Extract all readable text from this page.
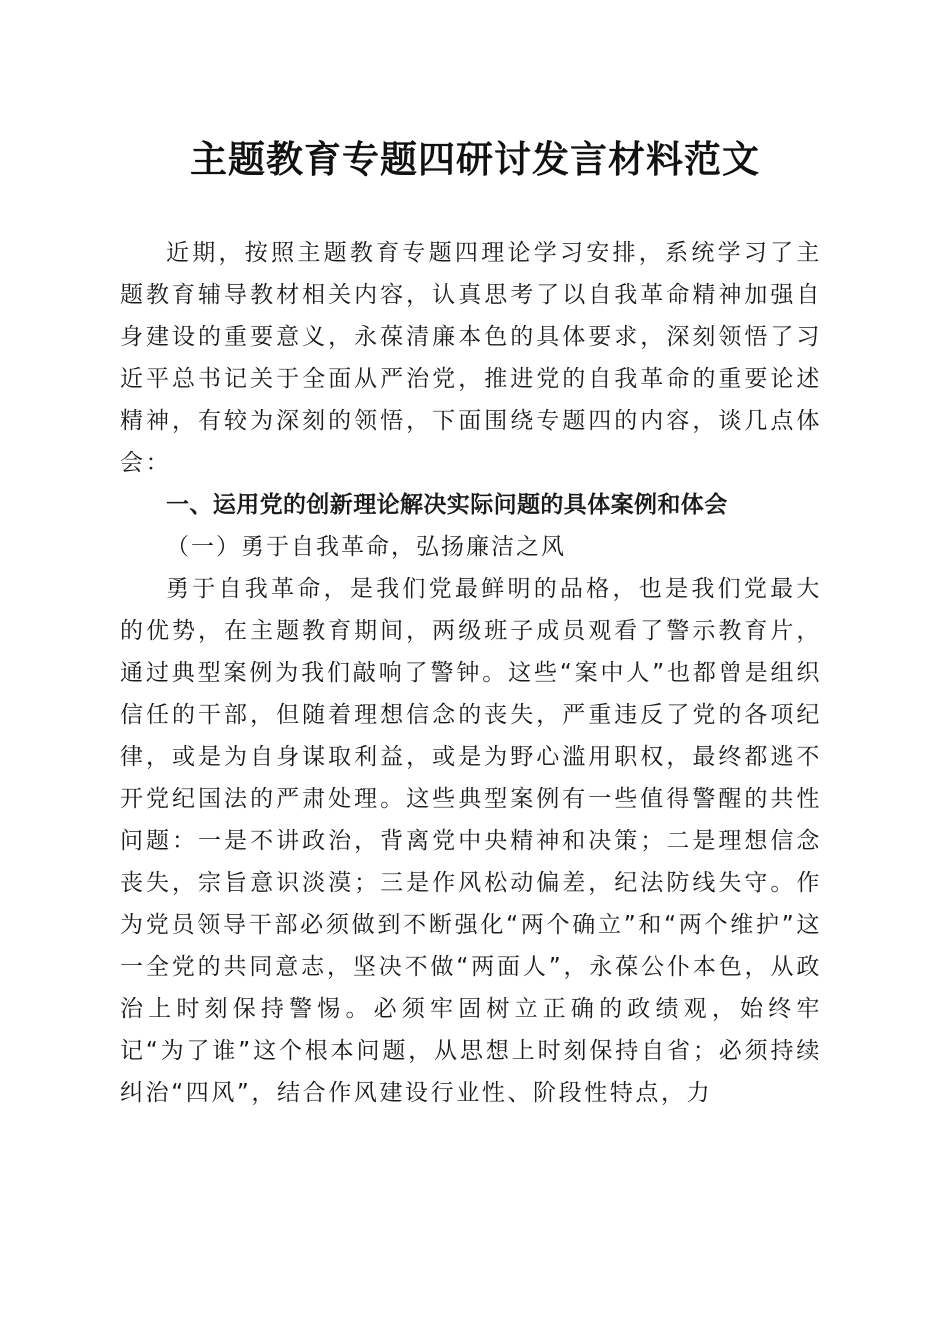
主题教育专题四研讨发言材料范文

近期，按照主题教育专题四理论学习安排，系统学习了主题教育辅导教材相关内容，认真思考了以自我革命精神加强自身建设的重要意义，永葆清廉本色的具体要求，深刻领悟了习近平总书记关于全面从严治党，推进党的自我革命的重要论述精神，有较为深刻的领悟，下面围绕专题四的内容，谈几点体会：

一、运用党的创新理论解决实际问题的具体案例和体会

（一）勇于自我革命，弘扬廉洁之风

勇于自我革命，是我们党最鲜明的品格，也是我们党最大的优势，在主题教育期间，两级班子成员观看了警示教育片，通过典型案例为我们敲响了警钟。这些“案中人”也都曾是组织信任的干部，但随着理想信念的丧失，严重违反了党的各项纪律，或是为自身谋取利益，或是为野心滥用职权，最终都逃不开党纪国法的严肃处理。这些典型案例有一些值得警醒的共性问题：一是不讲政治，背离党中央精神和决策；二是理想信念丧失，宗旨意识淡漠；三是作风松动偏差，纪法防线失守。作为党员领导干部必须做到不断强化“两个确立”和“两个维护”这一全党的共同意志，坚决不做“两面人”，永葆公仆本色，从政治上时刻保持警惕。必须牢固树立正确的政绩观，始终牢记“为了谁”这个根本问题，从思想上时刻保持自省；必须持续纠治“四风”，结合作风建设行业性、阶段性特点，力
